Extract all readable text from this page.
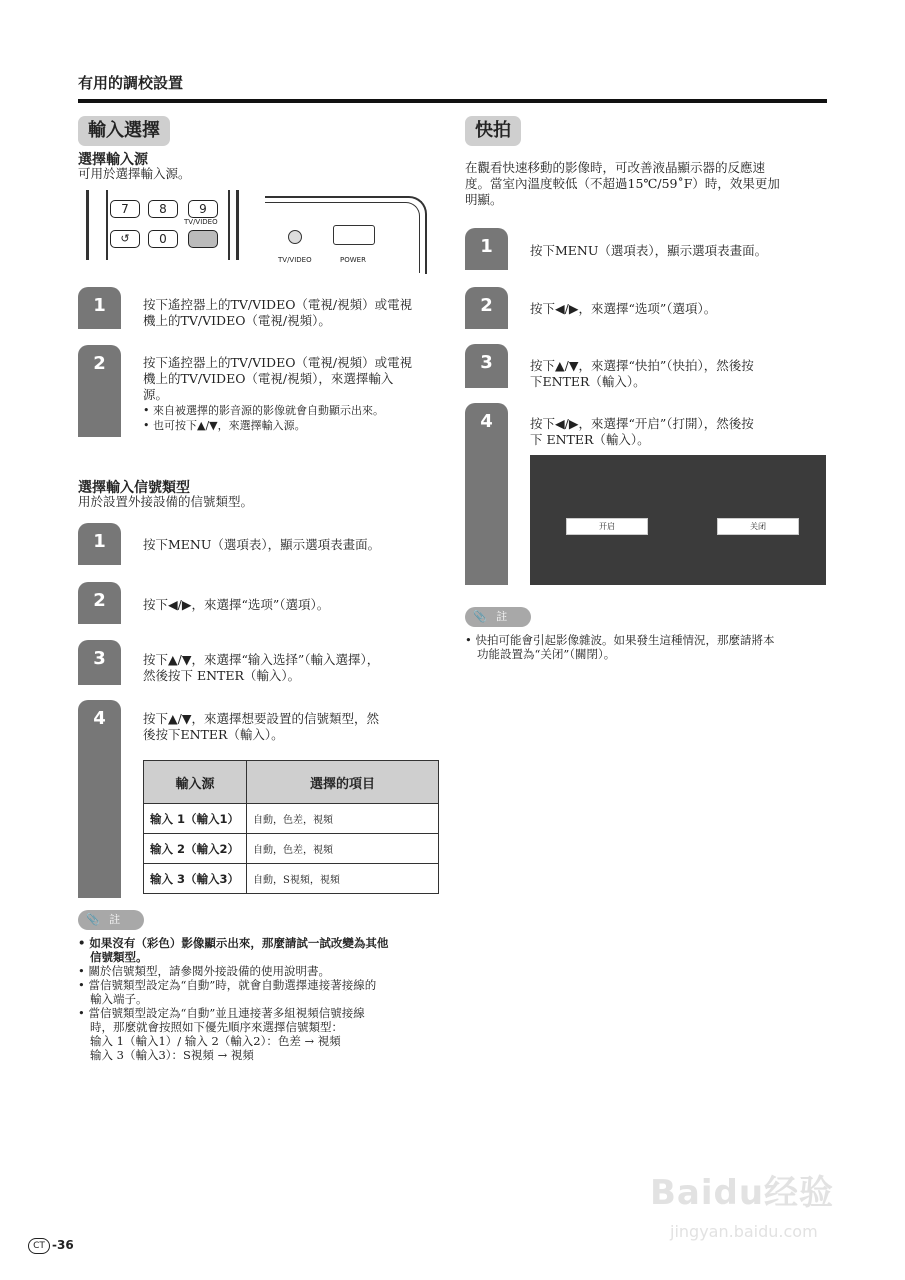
有用的調校設置
輸入選擇
選擇輸入源
可用於選擇輸入源。
7	8	9
↺	0
TV/VIDEO
TV/VIDEO	POWER
1	按下遙控器上的TV/VIDEO（電視/視頻）或電視
機上的TV/VIDEO（電視/視頻）。
2	按下遙控器上的TV/VIDEO（電視/視頻）或電視
機上的TV/VIDEO（電視/視頻），來選擇輸入
源。
• 來自被選擇的影音源的影像就會自動顯示出來。
• 也可按下▲/▼，來選擇輸入源。
選擇輸入信號類型
用於設置外接設備的信號類型。
1	按下MENU（選項表），顯示選項表畫面。
2	按下◀/▶，來選擇“选项”（選項）。
3	按下▲/▼，來選擇“输入选择”（輸入選擇），
然後按下 ENTER（輸入）。
4	按下▲/▼，來選擇想要設置的信號類型，然
後按下ENTER（輸入）。
輸入源	選擇的項目
输入 1（輸入1）	自動，色差，視頻
输入 2（輸入2）	自動，色差，視頻
输入 3（輸入3）	自動，S視頻，視頻
📎 註
• 如果沒有（彩色）影像顯示出來，那麼請試一試改變為其他
信號類型。
• 關於信號類型，請參閱外接設備的使用說明書。
• 當信號類型設定為“自動”時，就會自動選擇連接著接線的
輸入端子。
• 當信號類型設定為“自動”並且連接著多組視頻信號接線
時，那麼就會按照如下優先順序來選擇信號類型：
输入 1（輸入1）/ 输入 2（輸入2）：色差 → 視頻
输入 3（輸入3）：S視頻 → 視頻
快拍
在觀看快速移動的影像時，可改善液晶顯示器的反應速
度。當室內溫度較低（不超過15℃/59˚F）時，效果更加
明顯。
1	按下MENU（選項表），顯示選項表畫面。
2	按下◀/▶，來選擇“选项”（選項）。
3	按下▲/▼，來選擇“快拍”（快拍），然後按
下ENTER（輸入）。
4	按下◀/▶，來選擇“开启”（打開），然後按
下 ENTER（輸入）。
开启	关闭
📎 註
• 快拍可能會引起影像雜波。如果發生這種情況，那麼請將本
功能設置為“关闭”（關閉）。
CT -36
Baidu经验
jingyan.baidu.com
